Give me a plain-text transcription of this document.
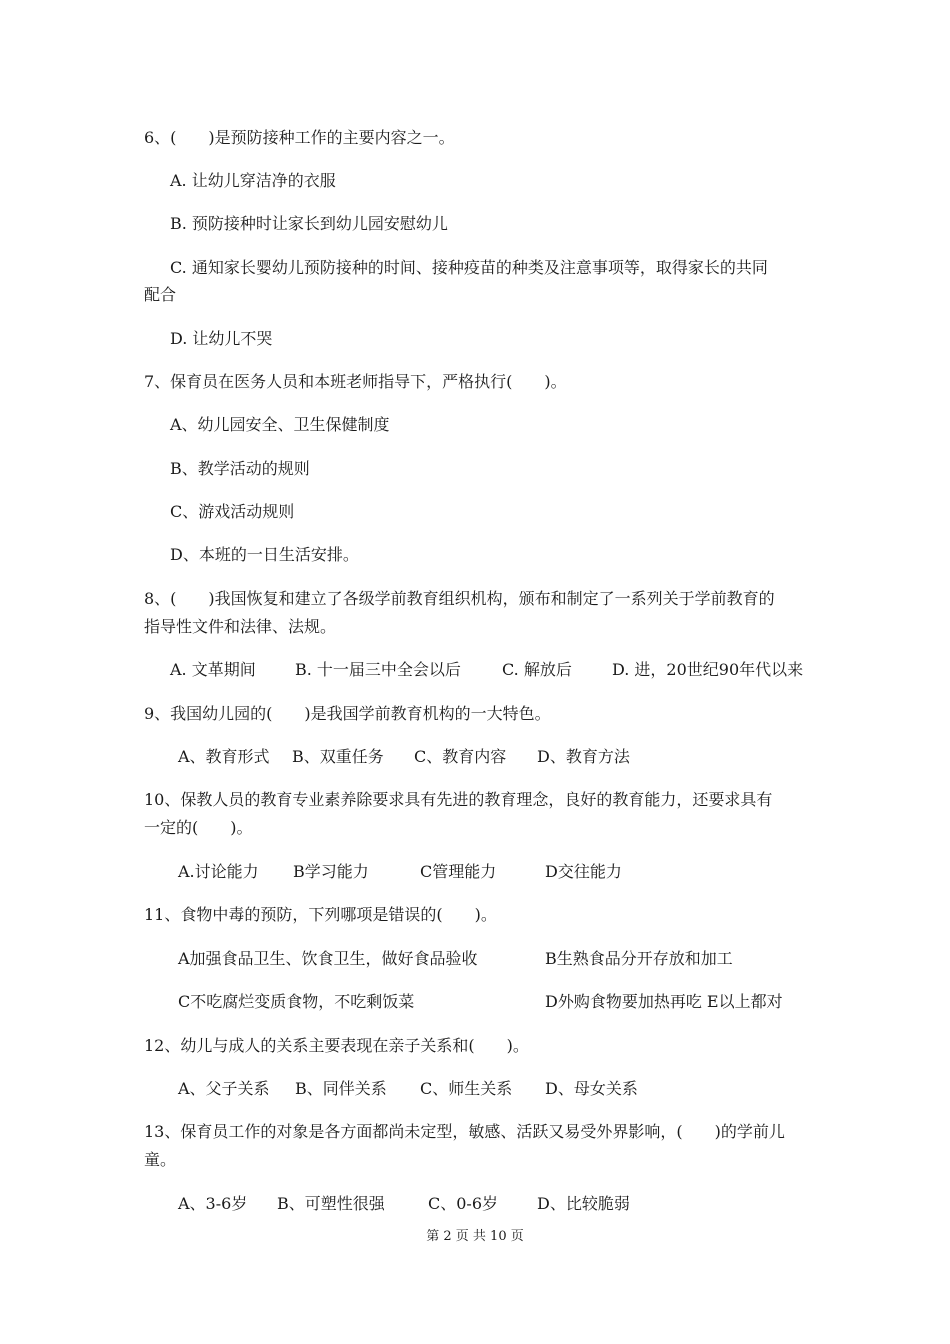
6、(　　)是预防接种工作的主要内容之一。
A. 让幼儿穿洁净的衣服
B. 预防接种时让家长到幼儿园安慰幼儿
C. 通知家长婴幼儿预防接种的时间、接种疫苗的种类及注意事项等，取得家长的共同
配合
D. 让幼儿不哭
7、保育员在医务人员和本班老师指导下，严格执行(　　)。
A、幼儿园安全、卫生保健制度
B、教学活动的规则
C、游戏活动规则
D、本班的一日生活安排。
8、(　　)我国恢复和建立了各级学前教育组织机构，颁布和制定了一系列关于学前教育的
指导性文件和法律、法规。
A. 文革期间 B. 十一届三中全会以后	C. 解放后	D. 进，20世纪90年代以来
9、我国幼儿园的(　　)是我国学前教育机构的一大特色。
A、教育形式 B、双重任务 C、教育内容 D、教育方法
10、保教人员的教育专业素养除要求具有先进的教育理念，良好的教育能力，还要求具有
一定的(　　)。
A.讨论能力 B学习能力	C管理能力	D交往能力
11、食物中毒的预防，下列哪项是错误的(　　)。
A加强食品卫生、饮食卫生，做好食品验收	B生熟食品分开存放和加工
C不吃腐烂变质食物，不吃剩饭菜	D外购食物要加热再吃 E以上都对
12、幼儿与成人的关系主要表现在亲子关系和(　　)。
A、父子关系 B、同伴关系 C、师生关系 D、母女关系
13、保育员工作的对象是各方面都尚未定型，敏感、活跃又易受外界影响，(　　)的学前儿
童。
A、3-6岁 B、可塑性很强	C、0-6岁 D、比较脆弱
第 2 页 共 10 页
